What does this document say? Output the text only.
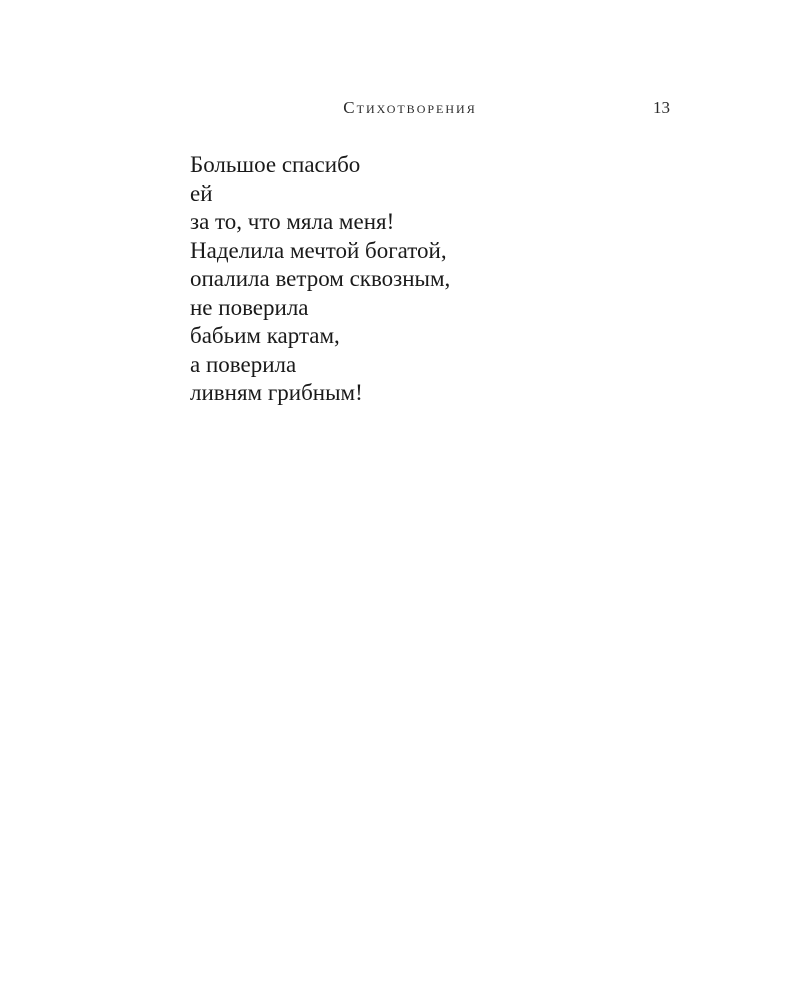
Стихотворения	13
Большое спасибо
ей
за то, что мяла меня!
Наделила мечтой богатой,
опалила ветром сквозным,
не поверила
бабьим картам,
а поверила
ливням грибным!
